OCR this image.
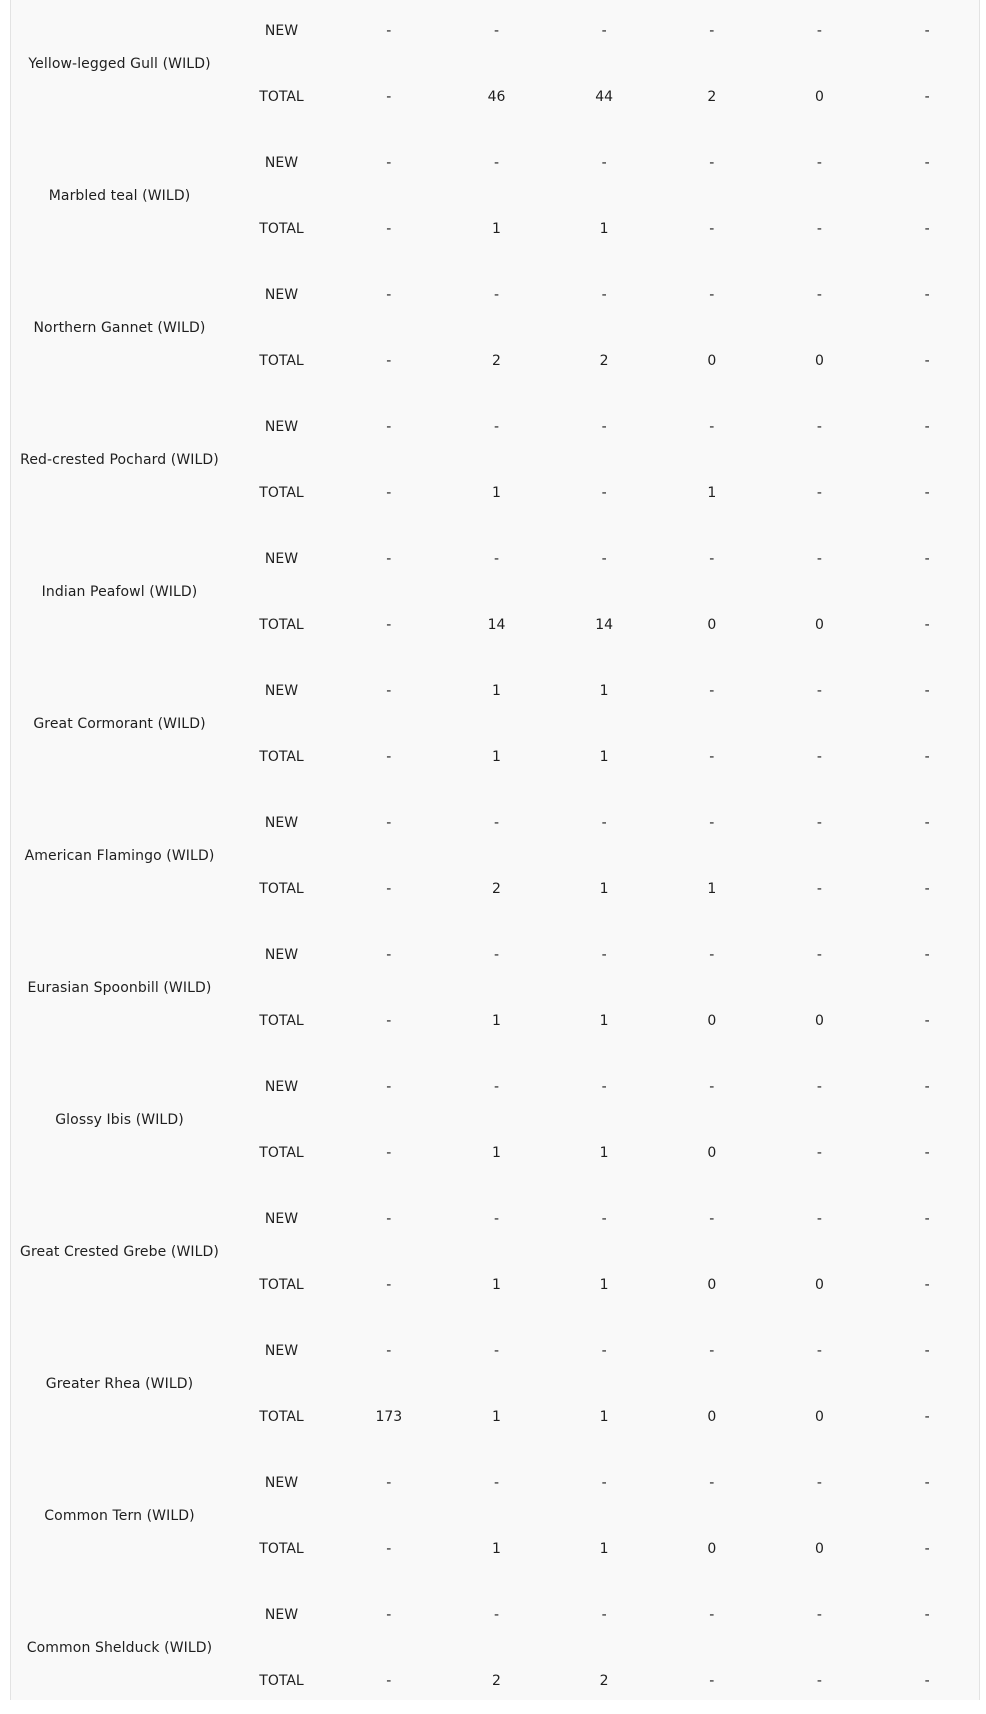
Yellow-legged Gull (WILD)	NEW	-	-	-	-	-	-
	TOTAL	-	46	44	2	0	-
Marbled teal (WILD)	NEW	-	-	-	-	-	-
	TOTAL	-	1	1	-	-	-
Northern Gannet (WILD)	NEW	-	-	-	-	-	-
	TOTAL	-	2	2	0	0	-
Red-crested Pochard (WILD)	NEW	-	-	-	-	-	-
	TOTAL	-	1	-	1	-	-
Indian Peafowl (WILD)	NEW	-	-	-	-	-	-
	TOTAL	-	14	14	0	0	-
Great Cormorant (WILD)	NEW	-	1	1	-	-	-
	TOTAL	-	1	1	-	-	-
American Flamingo (WILD)	NEW	-	-	-	-	-	-
	TOTAL	-	2	1	1	-	-
Eurasian Spoonbill (WILD)	NEW	-	-	-	-	-	-
	TOTAL	-	1	1	0	0	-
Glossy Ibis (WILD)	NEW	-	-	-	-	-	-
	TOTAL	-	1	1	0	-	-
Great Crested Grebe (WILD)	NEW	-	-	-	-	-	-
	TOTAL	-	1	1	0	0	-
Greater Rhea (WILD)	NEW	-	-	-	-	-	-
	TOTAL	173	1	1	0	0	-
Common Tern (WILD)	NEW	-	-	-	-	-	-
	TOTAL	-	1	1	0	0	-
Common Shelduck (WILD)	NEW	-	-	-	-	-	-
	TOTAL	-	2	2	-	-	-
